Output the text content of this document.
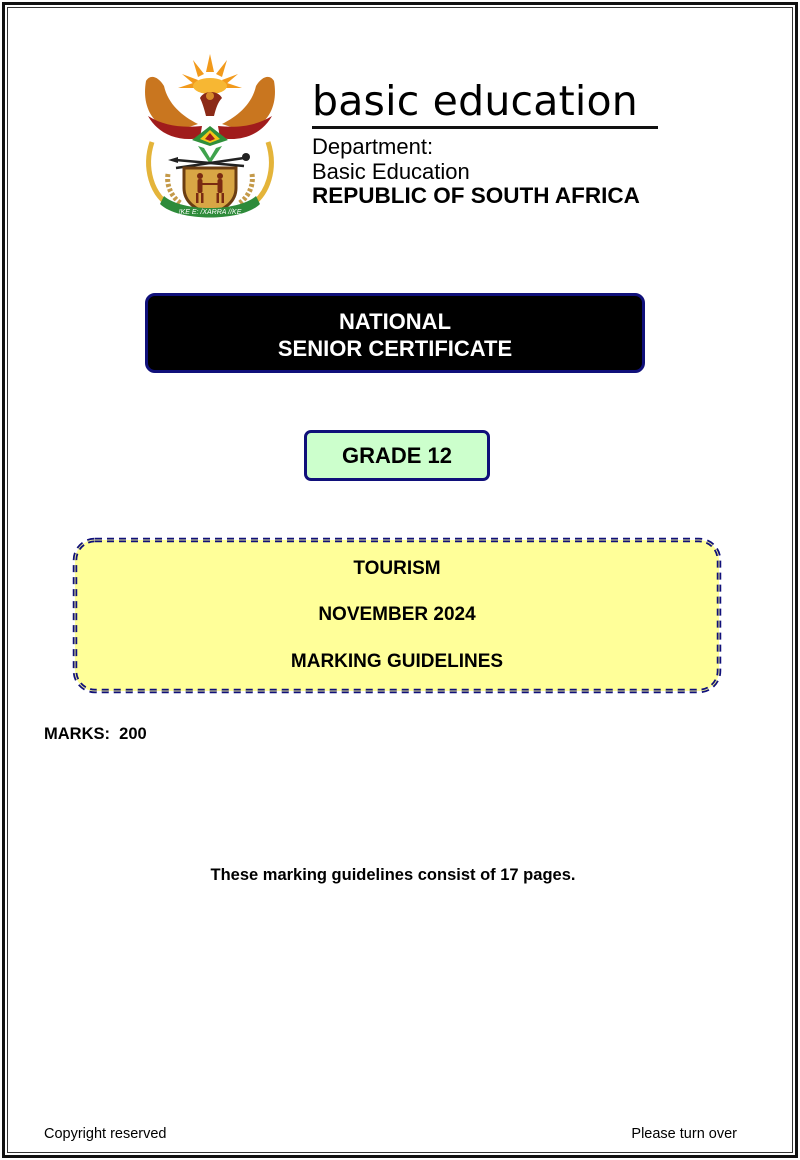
!KE E: /XARRA //KE
basic education
Department:
Basic Education
REPUBLIC OF SOUTH AFRICA
NATIONAL
SENIOR CERTIFICATE
GRADE 12
TOURISM
NOVEMBER 2024
MARKING GUIDELINES
MARKS:  200
These marking guidelines consist of 17 pages.
Copyright reserved	Please turn over
